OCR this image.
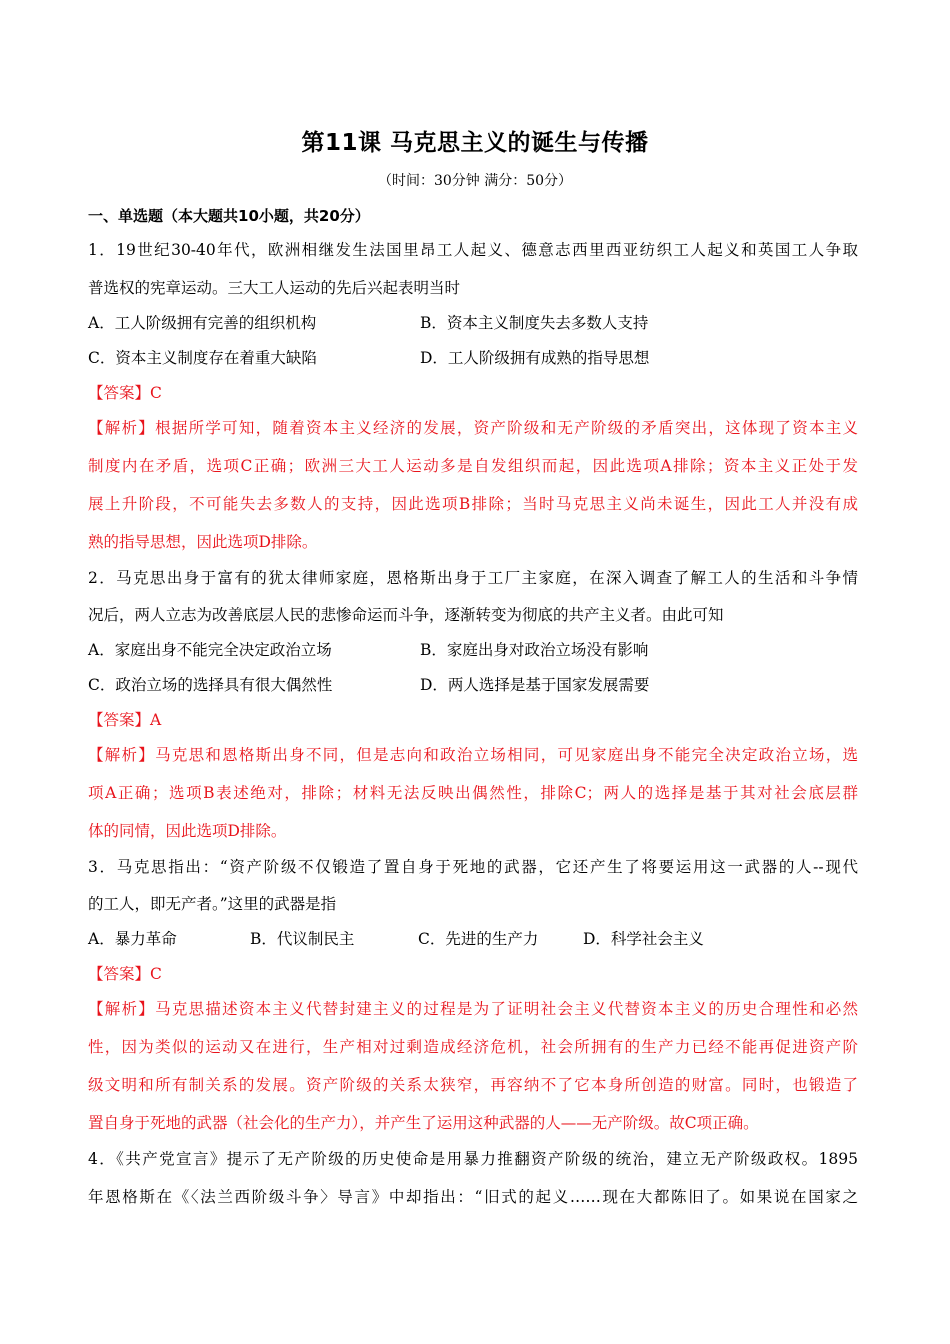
第11课 马克思主义的诞生与传播
（时间：30分钟 满分：50分）
一、单选题（本大题共10小题，共20分）
1．19世纪30-40年代，欧洲相继发生法国里昂工人起义、德意志西里西亚纺织工人起义和英国工人争取
普选权的宪章运动。三大工人运动的先后兴起表明当时
A．工人阶级拥有完善的组织机构	B．资本主义制度失去多数人支持
C．资本主义制度存在着重大缺陷	D．工人阶级拥有成熟的指导思想
【答案】C
【解析】根据所学可知，随着资本主义经济的发展，资产阶级和无产阶级的矛盾突出，这体现了资本主义
制度内在矛盾，选项C正确；欧洲三大工人运动多是自发组织而起，因此选项A排除；资本主义正处于发
展上升阶段，不可能失去多数人的支持，因此选项B排除；当时马克思主义尚未诞生，因此工人并没有成
熟的指导思想，因此选项D排除。
2．马克思出身于富有的犹太律师家庭，恩格斯出身于工厂主家庭，在深入调查了解工人的生活和斗争情
况后，两人立志为改善底层人民的悲惨命运而斗争，逐渐转变为彻底的共产主义者。由此可知
A．家庭出身不能完全决定政治立场	B．家庭出身对政治立场没有影响
C．政治立场的选择具有很大偶然性	D．两人选择是基于国家发展需要
【答案】A
【解析】马克思和恩格斯出身不同，但是志向和政治立场相同，可见家庭出身不能完全决定政治立场，选
项A正确；选项B表述绝对，排除；材料无法反映出偶然性，排除C；两人的选择是基于其对社会底层群
体的同情，因此选项D排除。
3．马克思指出：“资产阶级不仅锻造了置自身于死地的武器，它还产生了将要运用这一武器的人--现代
的工人，即无产者。”这里的武器是指
A．暴力革命	B．代议制民主	C．先进的生产力	D．科学社会主义
【答案】C
【解析】马克思描述资本主义代替封建主义的过程是为了证明社会主义代替资本主义的历史合理性和必然
性，因为类似的运动又在进行，生产相对过剩造成经济危机，社会所拥有的生产力已经不能再促进资产阶
级文明和所有制关系的发展。资产阶级的关系太狭窄，再容纳不了它本身所创造的财富。同时，也锻造了
置自身于死地的武器（社会化的生产力），并产生了运用这种武器的人——无产阶级。故C项正确。
4．《共产党宣言》提示了无产阶级的历史使命是用暴力推翻资产阶级的统治，建立无产阶级政权。1895
年恩格斯在《〈法兰西阶级斗争〉导言》中却指出：“旧式的起义……现在大都陈旧了。如果说在国家之
